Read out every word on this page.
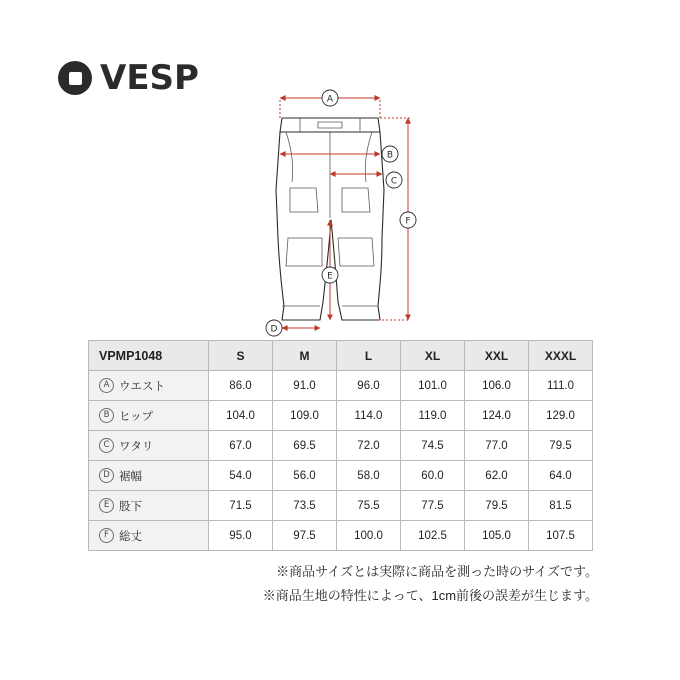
VESP
A
B
C
D
E
F
VPMP1048	S	M	L	XL	XXL	XXXL
A ウエスト	86.0	91.0	96.0	101.0	106.0	111.0
B ヒップ	104.0	109.0	114.0	119.0	124.0	129.0
C ワタリ	67.0	69.5	72.0	74.5	77.0	79.5
D 裾幅	54.0	56.0	58.0	60.0	62.0	64.0
E 股下	71.5	73.5	75.5	77.5	79.5	81.5
F 総丈	95.0	97.5	100.0	102.5	105.0	107.5
※商品サイズとは実際に商品を測った時のサイズです。
※商品生地の特性によって、1cm前後の誤差が生じます。
